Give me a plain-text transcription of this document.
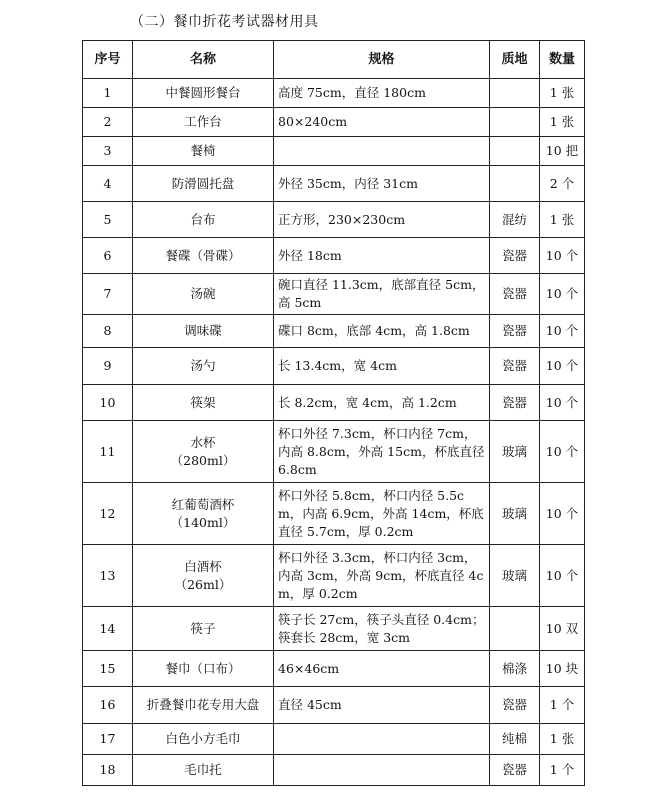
（二）餐巾折花考试器材用具
序号	名称	规格	质地	数量
1	中餐圆形餐台	高度 75cm，直径 180cm		1 张
2	工作台	80×240cm		1 张
3	餐椅			10 把
4	防滑圆托盘	外径 35cm，内径 31cm		2 个
5	台布	正方形，230×230cm	混纺	1 张
6	餐碟（骨碟）	外径 18cm	瓷器	10 个
7	汤碗	碗口直径 11.3cm，底部直径 5cm，高 5cm	瓷器	10 个
8	调味碟	碟口 8cm，底部 4cm，高 1.8cm	瓷器	10 个
9	汤勺	长 13.4cm，宽 4cm	瓷器	10 个
10	筷架	长 8.2cm，宽 4cm，高 1.2cm	瓷器	10 个
11	水杯
（280ml）	杯口外径 7.3cm，杯口内径 7cm，内高 8.8cm，外高 15cm，杯底直径 6.8cm	玻璃	10 个
12	红葡萄酒杯
（140ml）	杯口外径 5.8cm，杯口内径 5.5cm，内高 6.9cm，外高 14cm，杯底直径 5.7cm，厚 0.2cm	玻璃	10 个
13	白酒杯
（26ml）	杯口外径 3.3cm，杯口内径 3cm，内高 3cm，外高 9cm，杯底直径 4cm，厚 0.2cm	玻璃	10 个
14	筷子	筷子长 27cm，筷子头直径 0.4cm；筷套长 28cm，宽 3cm		10 双
15	餐巾（口布）	46×46cm	棉涤	10 块
16	折叠餐巾花专用大盘	直径 45cm	瓷器	1 个
17	白色小方毛巾		纯棉	1 张
18	毛巾托		瓷器	1 个
